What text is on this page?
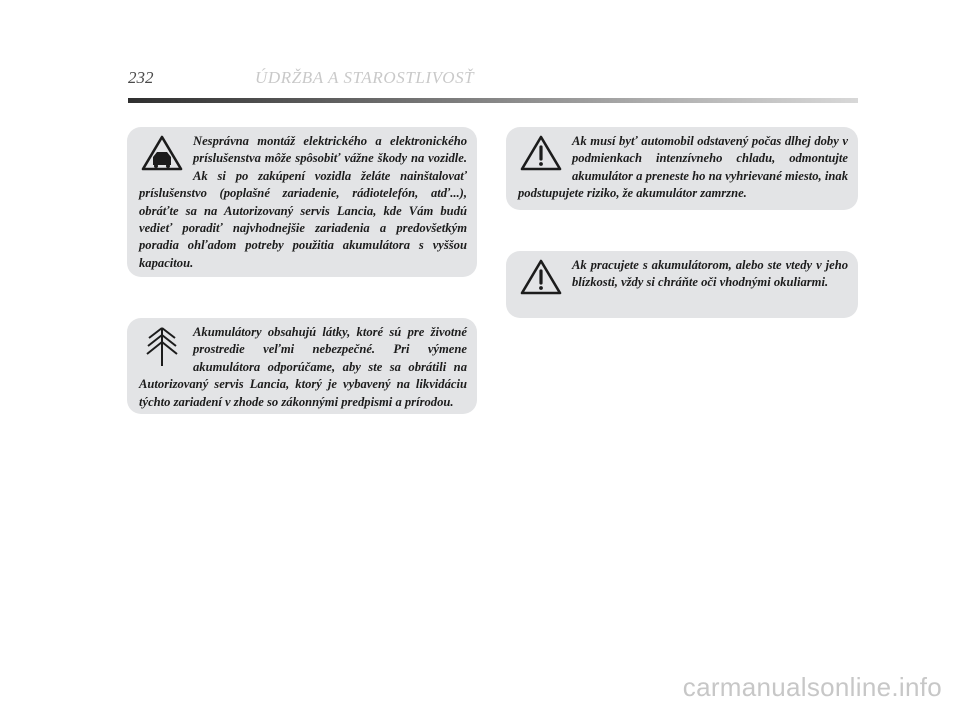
232	ÚDRŽBA A STAROSTLIVOSŤ

Nesprávna montáž elektrického a elektronického príslušenstva môže spôsobiť vážne škody na vozidle. Ak si po zakúpení vozidla želáte nainštalovať príslušenstvo (poplašné zariadenie, rádiotelefón, atď...), obráťte sa na Autorizovaný servis Lancia, kde Vám budú vedieť poradiť najvhodnejšie zariadenia a predovšetkým poradia ohľadom potreby použitia akumulátora s vyššou kapacitou.

Akumulátory obsahujú látky, ktoré sú pre životné prostredie veľmi nebezpečné. Pri výmene akumulátora odporúčame, aby ste sa obrátili na Autorizovaný servis Lancia, ktorý je vybavený na likvidáciu týchto zariadení v zhode so zákonnými predpismi a prírodou.

Ak musí byť automobil odstavený počas dlhej doby v podmienkach intenzívneho chladu, odmontujte akumulátor a preneste ho na vyhrievané miesto, inak podstupujete riziko, že akumulátor zamrzne.

Ak pracujete s akumulátorom, alebo ste vtedy v jeho blízkosti, vždy si chráňte oči vhodnými okuliarmi.

carmanualsonline.info
